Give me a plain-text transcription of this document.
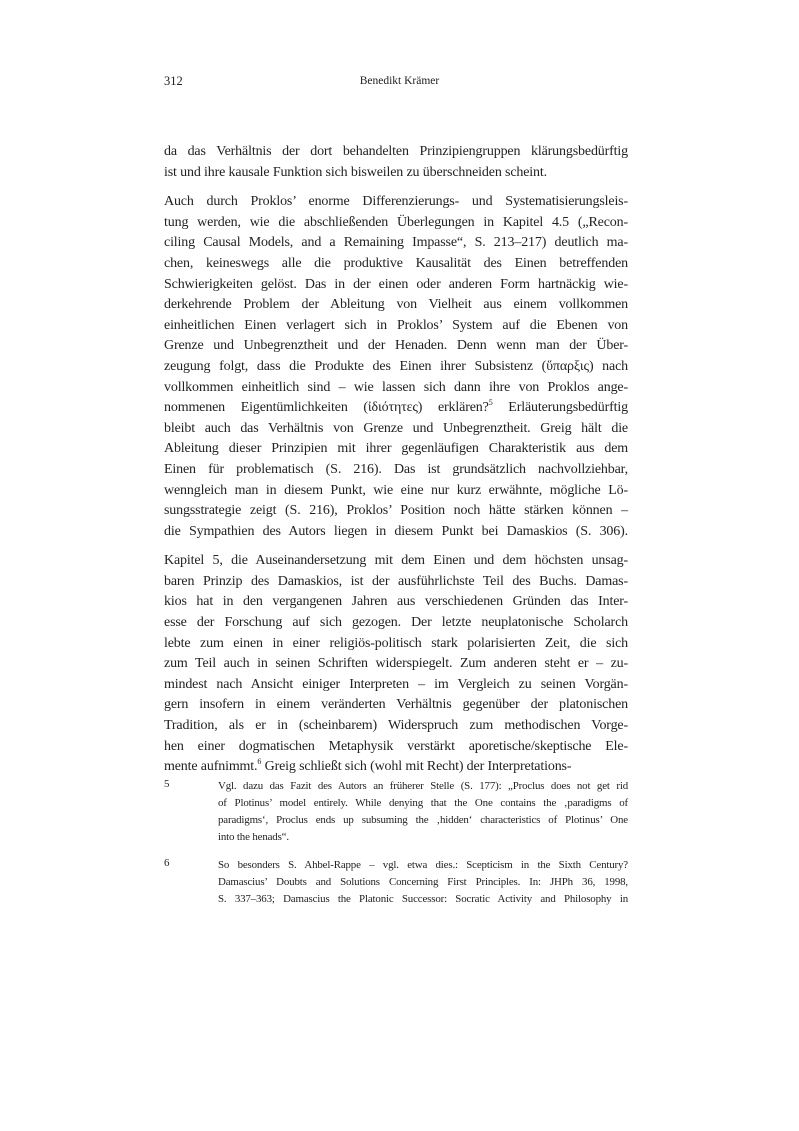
312	Benedikt Krämer
da das Verhältnis der dort behandelten Prinzipiengruppen klärungsbedürftig
ist und ihre kausale Funktion sich bisweilen zu überschneiden scheint.
Auch durch Proklos’ enorme Differenzierungs- und Systematisierungsleis-
tung werden, wie die abschließenden Überlegungen in Kapitel 4.5 („Recon-
ciling Causal Models, and a Remaining Impasse“, S. 213–217) deutlich ma-
chen, keineswegs alle die produktive Kausalität des Einen betreffenden
Schwierigkeiten gelöst. Das in der einen oder anderen Form hartnäckig wie-
derkehrende Problem der Ableitung von Vielheit aus einem vollkommen
einheitlichen Einen verlagert sich in Proklos’ System auf die Ebenen von
Grenze und Unbegrenztheit und der Henaden. Denn wenn man der Über-
zeugung folgt, dass die Produkte des Einen ihrer Subsistenz (ὕπαρξις) nach
vollkommen einheitlich sind – wie lassen sich dann ihre von Proklos ange-
nommenen Eigentümlichkeiten (ἰδιότητες) erklären?$^5$ Erläuterungsbedürftig
bleibt auch das Verhältnis von Grenze und Unbegrenztheit. Greig hält die
Ableitung dieser Prinzipien mit ihrer gegenläufigen Charakteristik aus dem
Einen für problematisch (S. 216). Das ist grundsätzlich nachvollziehbar,
wenngleich man in diesem Punkt, wie eine nur kurz erwähnte, mögliche Lö-
sungsstrategie zeigt (S. 216), Proklos’ Position noch hätte stärken können –
die Sympathien des Autors liegen in diesem Punkt bei Damaskios (S. 306).
Kapitel 5, die Auseinandersetzung mit dem Einen und dem höchsten unsag-
baren Prinzip des Damaskios, ist der ausführlichste Teil des Buchs. Damas-
kios hat in den vergangenen Jahren aus verschiedenen Gründen das Inter-
esse der Forschung auf sich gezogen. Der letzte neuplatonische Scholarch
lebte zum einen in einer religiös-politisch stark polarisierten Zeit, die sich
zum Teil auch in seinen Schriften widerspiegelt. Zum anderen steht er – zu-
mindest nach Ansicht einiger Interpreten – im Vergleich zu seinen Vorgän-
gern insofern in einem veränderten Verhältnis gegenüber der platonischen
Tradition, als er in (scheinbarem) Widerspruch zum methodischen Vorge-
hen einer dogmatischen Metaphysik verstärkt aporetische/skeptische Ele-
mente aufnimmt.$^6$ Greig schließt sich (wohl mit Recht) der Interpretations-
5	Vgl. dazu das Fazit des Autors an früherer Stelle (S. 177): „Proclus does not get rid
of Plotinus’ model entirely. While denying that the One contains the ‚paradigms of
paradigms‘, Proclus ends up subsuming the ‚hidden‘ characteristics of Plotinus’ One
into the henads“.
6	So besonders S. Ahbel-Rappe – vgl. etwa dies.: Scepticism in the Sixth Century?
Damascius’ Doubts and Solutions Concerning First Principles. In: JHPh 36, 1998,
S. 337–363; Damascius the Platonic Successor: Socratic Activity and Philosophy in
